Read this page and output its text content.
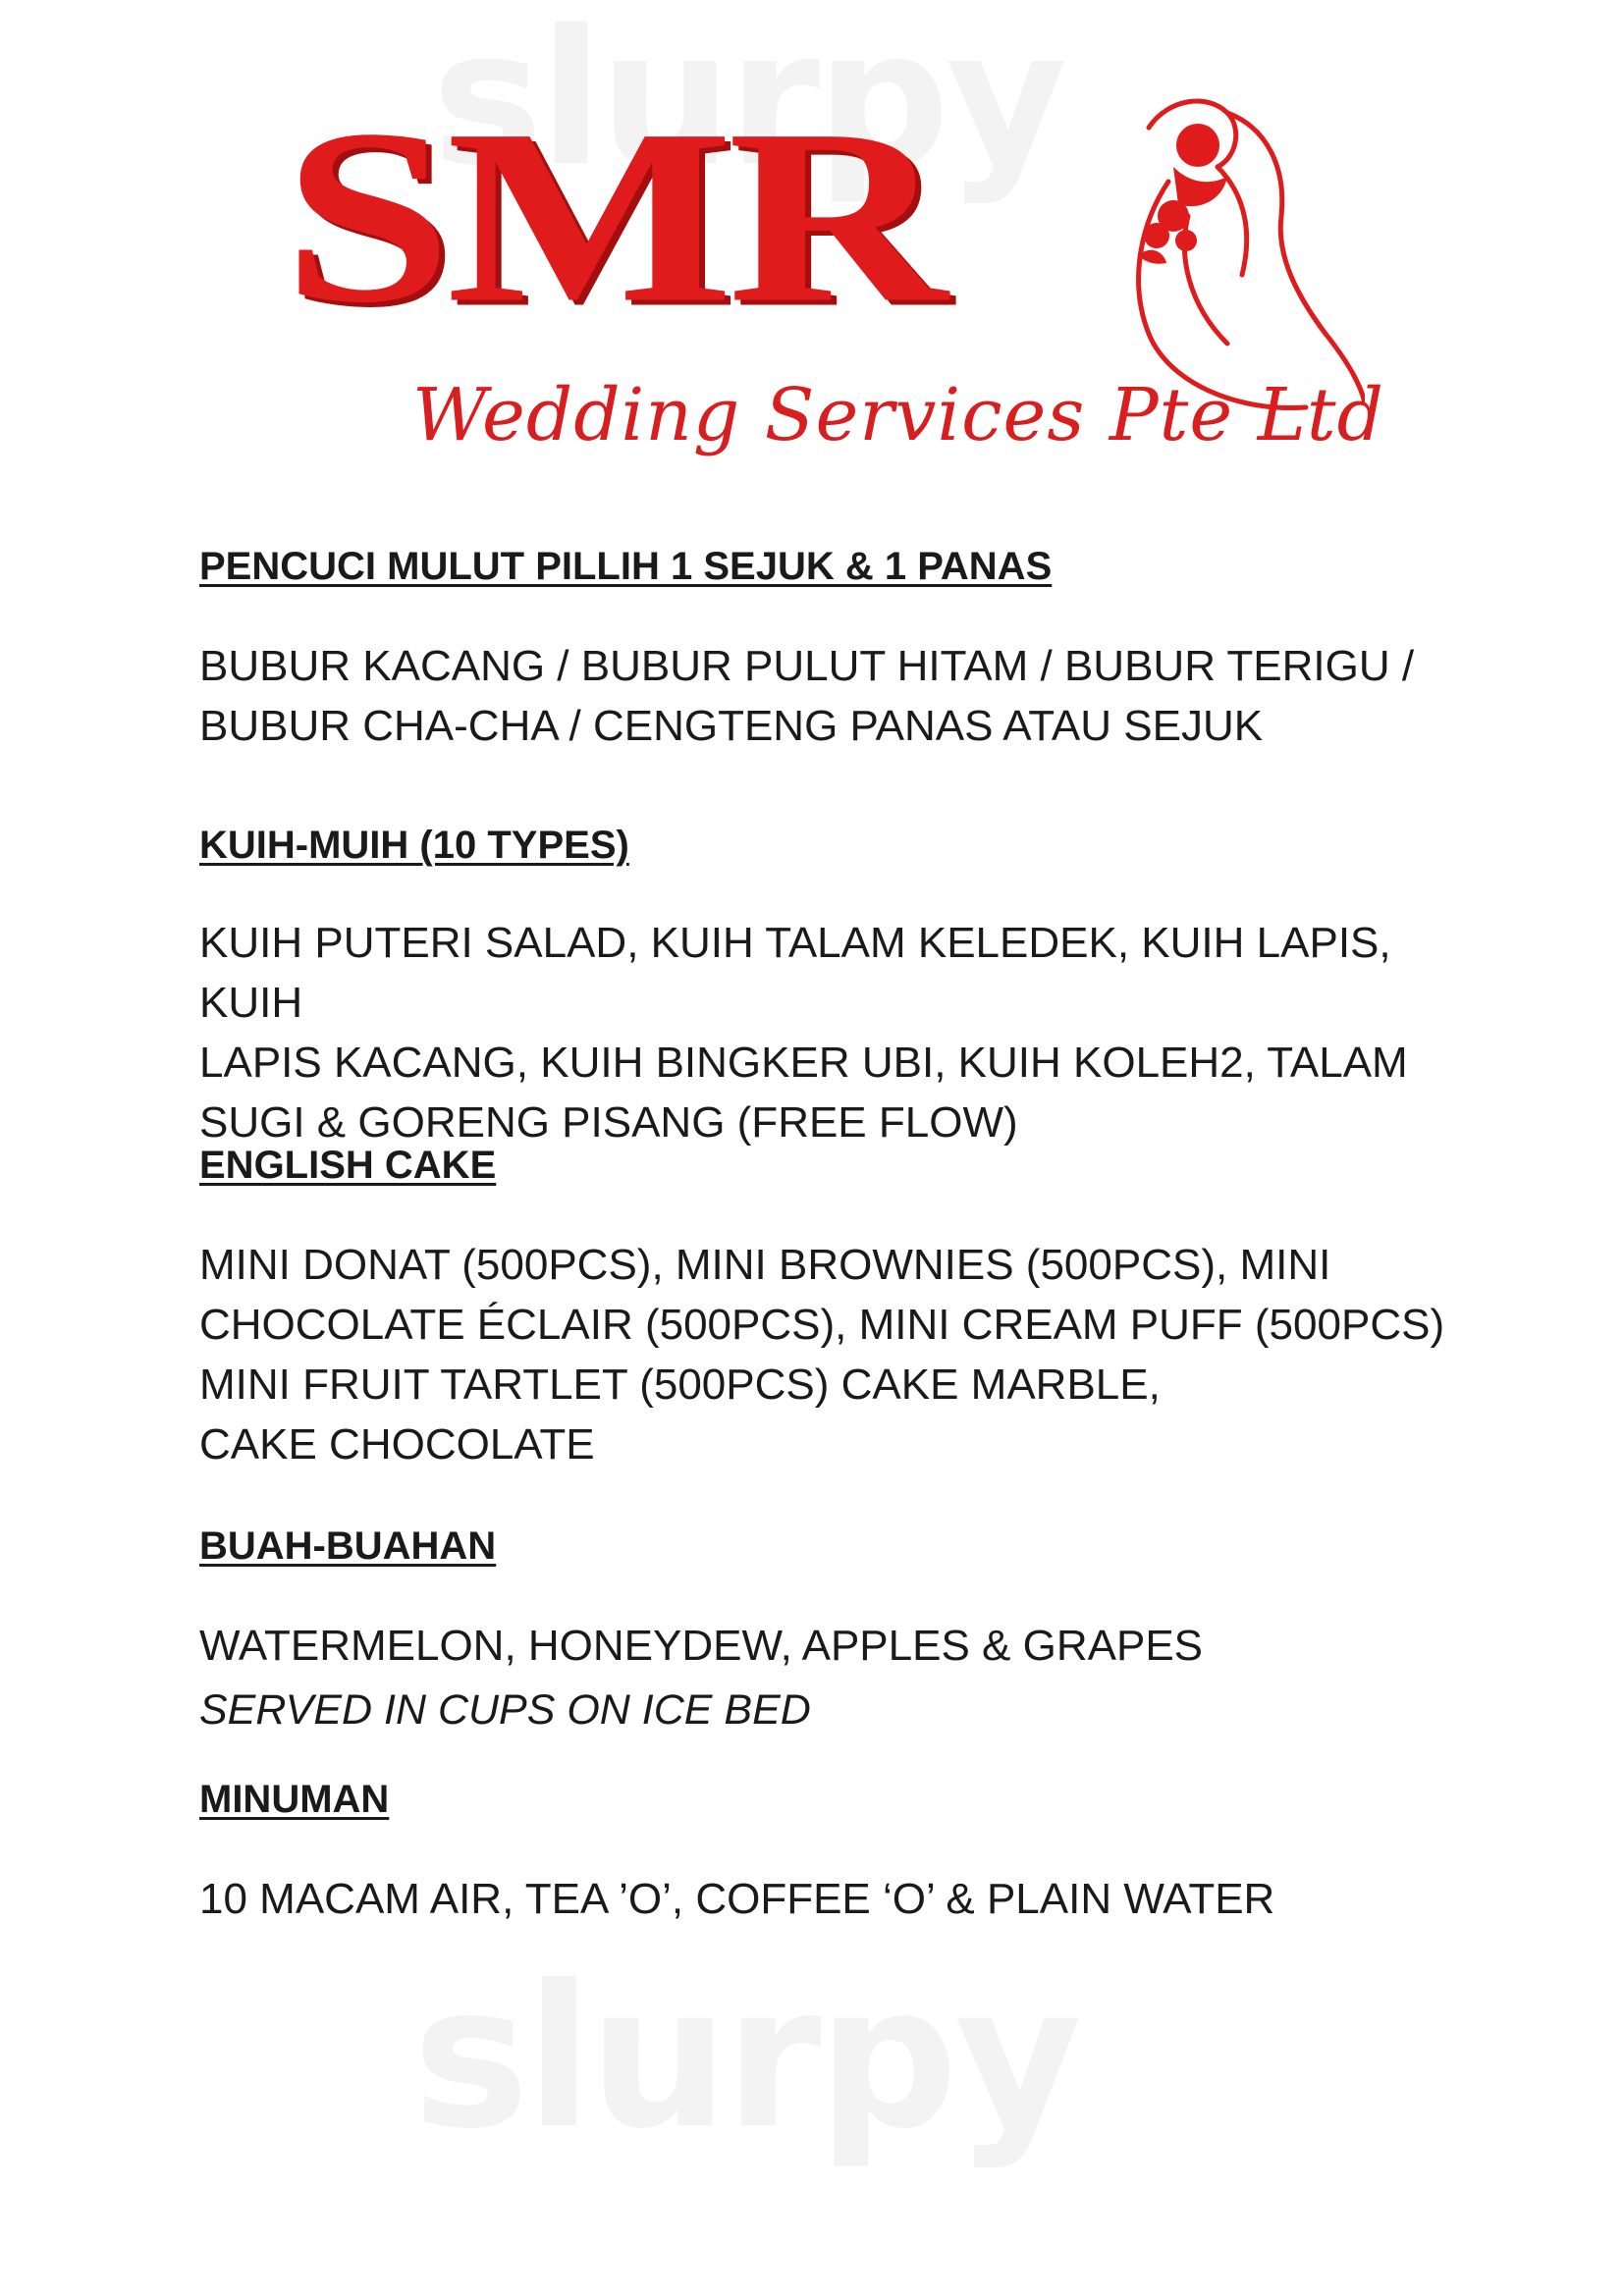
SMR
Wedding Services Pte Ltd

PENCUCI MULUT PILLIH 1 SEJUK & 1 PANAS

BUBUR KACANG / BUBUR PULUT HITAM / BUBUR TERIGU /

BUBUR CHA-CHA / CENGTENG PANAS ATAU SEJUK

KUIH-MUIH (10 TYPES)

KUIH PUTERI SALAD, KUIH TALAM KELEDEK, KUIH LAPIS, KUIH

LAPIS KACANG, KUIH BINGKER UBI, KUIH KOLEH2, TALAM

SUGI & GORENG PISANG (FREE FLOW)

ENGLISH CAKE

MINI DONAT (500PCS), MINI BROWNIES (500PCS), MINI

CHOCOLATE ÉCLAIR (500PCS), MINI CREAM PUFF (500PCS)

MINI FRUIT TARTLET (500PCS) CAKE MARBLE,

CAKE CHOCOLATE

BUAH-BUAHAN

WATERMELON, HONEYDEW, APPLES & GRAPES

SERVED IN CUPS ON ICE BED

MINUMAN

10 MACAM AIR, TEA ’O’, COFFEE ‘O’ & PLAIN WATER
